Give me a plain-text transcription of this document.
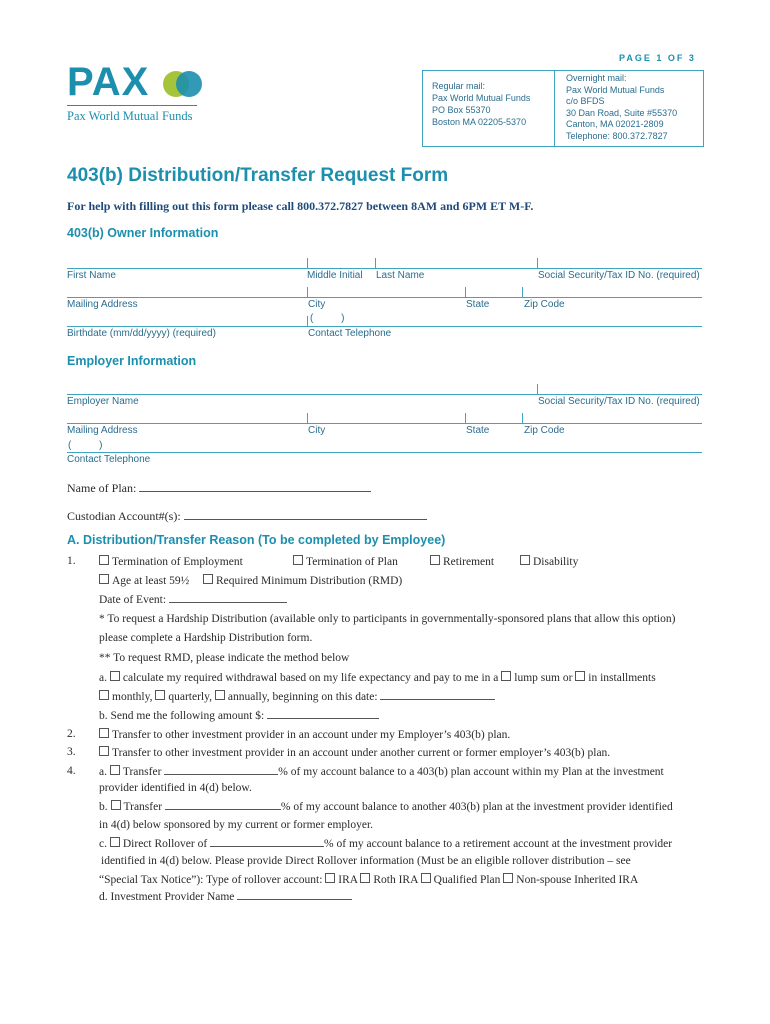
PAGE 1 OF 3
PAX
Pax World Mutual Funds
Regular mail:
Pax World Mutual Funds
PO Box 55370
Boston MA 02205-5370
Overnight mail:
Pax World Mutual Funds
c/o BFDS
30 Dan Road, Suite #55370
Canton, MA 02021-2809
Telephone: 800.372.7827
403(b) Distribution/Transfer Request Form
For help with filling out this form please call 800.372.7827 between 8AM and 6PM ET M-F.
403(b) Owner Information
First Name	Middle Initial Last Name	Social Security/Tax ID No. (required)
Mailing Address	City	State	Zip Code
(          )
Birthdate (mm/dd/yyyy) (required)	Contact Telephone
Employer Information
Employer Name	Social Security/Tax ID No. (required)
Mailing Address	City	State	Zip Code
(          )
Contact Telephone
Name of Plan:
Custodian Account#(s):
A. Distribution/Transfer Reason (To be completed by Employee)
1.	Termination of Employment	Termination of Plan	Retirement	Disability
Age at least 59½	Required Minimum Distribution (RMD)
Date of Event:
* To request a Hardship Distribution (available only to participants in governmentally-sponsored plans that allow this option)
please complete a Hardship Distribution form.
** To request RMD, please indicate the method below
a. calculate my required withdrawal based on my life expectancy and pay to me in a lump sum or in installments
monthly, quarterly, annually, beginning on this date:
b. Send me the following amount $:
2.	Transfer to other investment provider in an account under my Employer’s 403(b) plan.
3.	Transfer to other investment provider in an account under another current or former employer’s 403(b) plan.
4. a. Transfer	% of my account balance to a 403(b) plan account within my Plan at the investment
provider identified in 4(d) below.
b. Transfer	% of my account balance to another 403(b) plan at the investment provider identified
in 4(d) below sponsored by my current or former employer.
c. Direct Rollover of	% of my account balance to a retirement account at the investment provider
identified in 4(d) below. Please provide Direct Rollover information (Must be an eligible rollover distribution – see
“Special Tax Notice”): Type of rollover account: IRA Roth IRA Qualified Plan Non-spouse Inherited IRA
d. Investment Provider Name
